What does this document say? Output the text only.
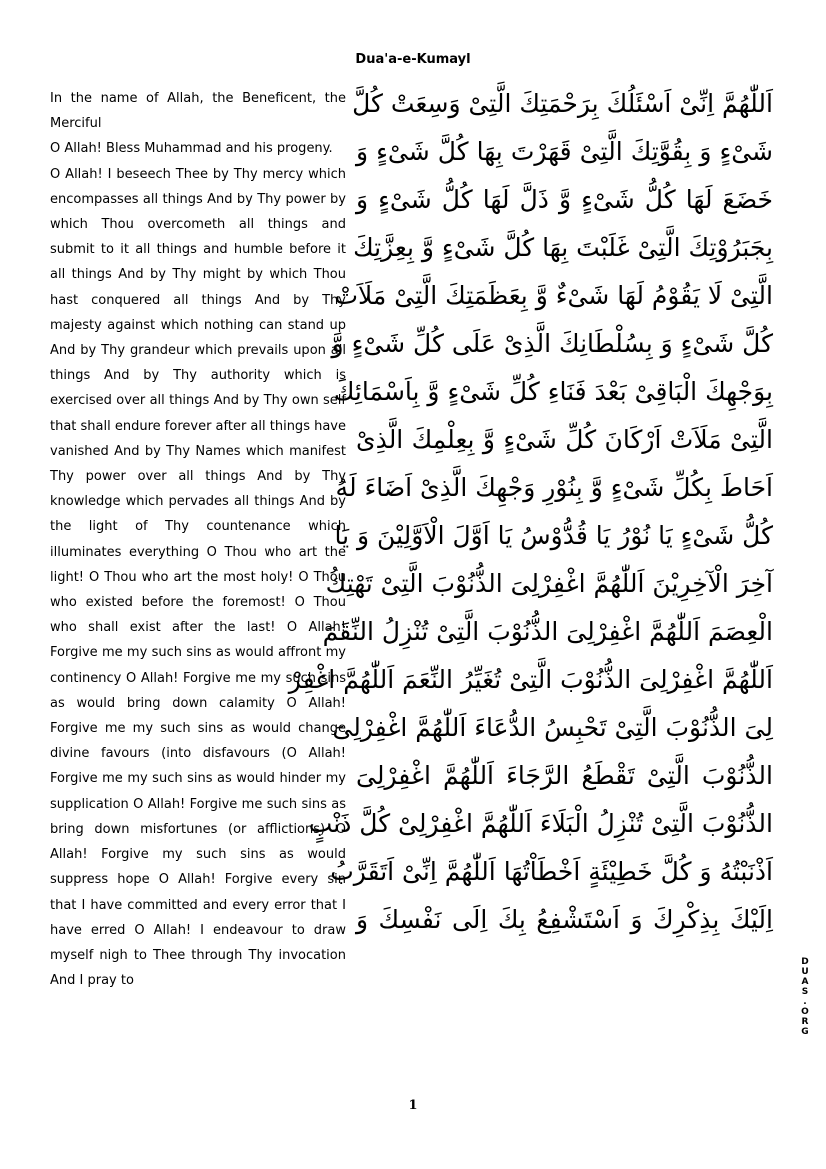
Dua'a-e-Kumayl

In the name of Allah, the Beneficent, the Merciful

O Allah! Bless Muhammad and his progeny.

O Allah! I beseech Thee by Thy mercy which encompasses all things And by Thy power by which Thou overcometh all things and submit to it all things and humble before it all things And by Thy might by which Thou hast conquered all things And by Thy majesty against which nothing can stand up And by Thy grandeur which prevails upon all things And by Thy authority which is exercised over all things And by Thy own self that shall endure forever after all things have vanished And by Thy Names which manifest Thy power over all things And by Thy knowledge which pervades all things And by the light of Thy countenance which illuminates everything O Thou who art the light! O Thou who art the most holy! O Thou who existed before the foremost! O Thou who shall exist after the last! O Allah! Forgive me my such sins as would affront my continency O Allah! Forgive me my such sins as would bring down calamity O Allah! Forgive me my such sins as would change divine favours (into disfavours (O Allah! Forgive me my such sins as would hinder my supplication O Allah! Forgive me such sins as bring down misfortunes (or afflictions) O Allah! Forgive my such sins as would suppress hope O Allah! Forgive every sin that I have committed and every error that I have erred O Allah! I endeavour to draw myself nigh to Thee through Thy invocation And I pray to

اَللّٰهُمَّ اِنِّىْ اَسْئَلُكَ بِرَحْمَتِكَ الَّتِىْ وَسِعَتْ كُلَّ
شَىْءٍ وَ بِقُوَّتِكَ الَّتِىْ قَهَرْتَ بِهَا كُلَّ شَىْءٍ وَ
خَضَعَ لَهَا كُلُّ شَىْءٍ وَّ ذَلَّ لَهَا كُلُّ شَىْءٍ وَ
بِجَبَرُوْتِكَ الَّتِىْ غَلَبْتَ بِهَا كُلَّ شَىْءٍ وَّ بِعِزَّتِكَ
الَّتِىْ لَا يَقُوْمُ لَهَا شَىْءٌ وَّ بِعَظَمَتِكَ الَّتِىْ مَلَاَتْ
كُلَّ شَىْءٍ وَ بِسُلْطَانِكَ الَّذِىْ عَلَى كُلِّ شَىْءٍ وَّ
بِوَجْهِكَ الْبَاقِىْ بَعْدَ فَنَاءِ كُلِّ شَىْءٍ وَّ بِاَسْمَائِكَ
الَّتِىْ مَلَاَتْ اَرْكَانَ كُلِّ شَىْءٍ وَّ بِعِلْمِكَ الَّذِىْ
اَحَاطَ بِكُلِّ شَىْءٍ وَّ بِنُوْرِ وَجْهِكَ الَّذِىْ اَضَاءَ لَهُ
كُلُّ شَىْءٍ يَا نُوْرُ يَا قُدُّوْسُ يَا اَوَّلَ الْاَوَّلِيْنَ وَ يَا
آخِرَ الْآخِرِيْنَ اَللّٰهُمَّ اغْفِرْلِىَ الذُّنُوْبَ الَّتِىْ تَهْتِكُ
الْعِصَمَ اَللّٰهُمَّ اغْفِرْلِىَ الذُّنُوْبَ الَّتِىْ تُنْزِلُ النِّقَمَ
اَللّٰهُمَّ اغْفِرْلِىَ الذُّنُوْبَ الَّتِىْ تُغَيِّرُ النِّعَمَ اَللّٰهُمَّ اغْفِرْ
لِىَ الذُّنُوْبَ الَّتِىْ تَحْبِسُ الدُّعَاءَ اَللّٰهُمَّ اغْفِرْلِىَ
الذُّنُوْبَ الَّتِىْ تَقْطَعُ الرَّجَاءَ اَللّٰهُمَّ اغْفِرْلِىَ
الذُّنُوْبَ الَّتِىْ تُنْزِلُ الْبَلَاءَ اَللّٰهُمَّ اغْفِرْلِىْ كُلَّ ذَنْبٍ
اَذْنَبْتُهُ وَ كُلَّ خَطِيْئَةٍ اَخْطَاْتُهَا اَللّٰهُمَّ اِنِّىْ اَتَقَرَّبُ
اِلَيْكَ بِذِكْرِكَ وَ اَسْتَشْفِعُ بِكَ اِلَى نَفْسِكَ وَ
D
U
A
S
.
O
R
G
1
